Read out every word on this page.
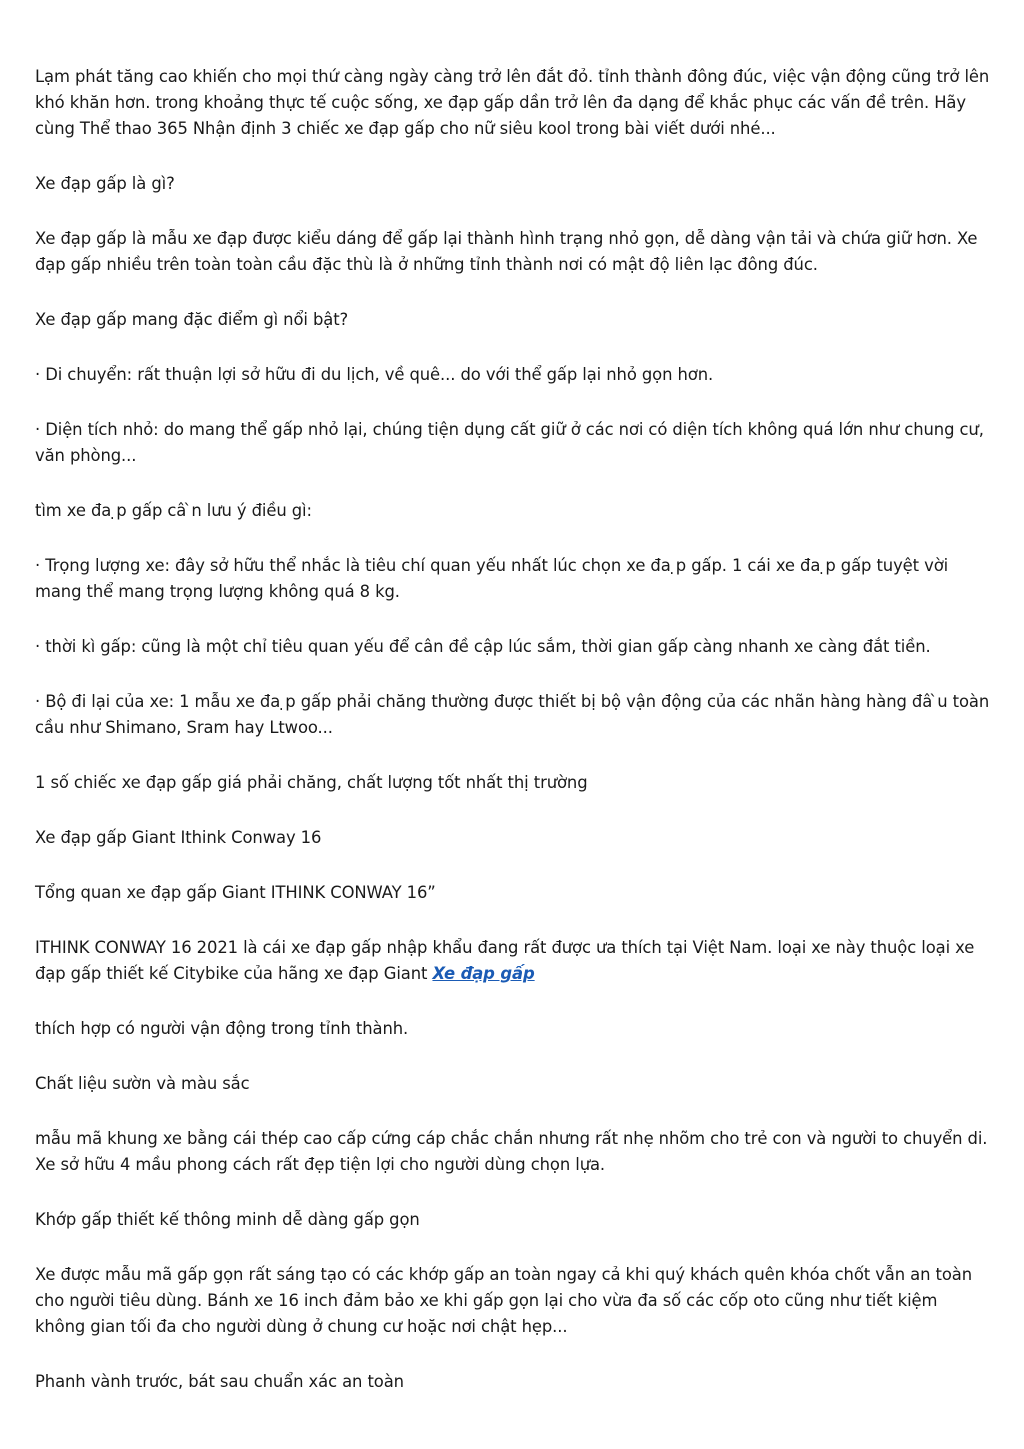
Lạm phát tăng cao khiến cho mọi thứ càng ngày càng trở lên đắt đỏ. tỉnh thành đông đúc, việc vận động cũng trở lên khó khăn hơn. trong khoảng thực tế cuộc sống, xe đạp gấp dần trở lên đa dạng để khắc phục các vấn đề trên. Hãy cùng Thể thao 365 Nhận định 3 chiếc xe đạp gấp cho nữ siêu kool trong bài viết dưới nhé...

Xe đạp gấp là gì?

Xe đạp gấp là mẫu xe đạp được kiểu dáng để gấp lại thành hình trạng nhỏ gọn, dễ dàng vận tải và chứa giữ hơn. Xe đạp gấp nhiều trên toàn toàn cầu đặc thù là ở những tỉnh thành nơi có mật độ liên lạc đông đúc.

Xe đạp gấp mang đặc điểm gì nổi bật?

· Di chuyển: rất thuận lợi sở hữu đi du lịch, về quê... do với thể gấp lại nhỏ gọn hơn.

· Diện tích nhỏ: do mang thể gấp nhỏ lại, chúng tiện dụng cất giữ ở các nơi có diện tích không quá lớn như chung cư, văn phòng...

tìm xe đa ̣p gấp câ ̀n lưu ý điều gì:

· Trọng lượng xe: đây sở hữu thể nhắc là tiêu chí quan yếu nhất lúc chọn xe đa ̣p gấp. 1 cái xe đa ̣p gấp tuyệt vời mang thể mang trọng lượng không quá 8 kg.

· thời kì gấp: cũng là một chỉ tiêu quan yếu để cân đề cập lúc sắm, thời gian gấp càng nhanh xe càng đắt tiền.

· Bộ đi lại của xe: 1 mẫu xe đa ̣p gấp phải chăng thường được thiết bị bộ vận động của các nhãn hàng hàng đâ ̀u toàn cầu như Shimano, Sram hay Ltwoo...

1 số chiếc xe đạp gấp giá phải chăng, chất lượng tốt nhất thị trường

Xe đạp gấp Giant Ithink Conway 16

Tổng quan xe đạp gấp Giant ITHINK CONWAY 16”

ITHINK CONWAY 16 2021 là cái xe đạp gấp nhập khẩu đang rất được ưa thích tại Việt Nam. loại xe này thuộc loại xe đạp gấp thiết kế Citybike của hãng xe đạp Giant Xe đạp gấp

thích hợp có người vận động trong tỉnh thành.

Chất liệu sườn và màu sắc

mẫu mã khung xe bằng cái thép cao cấp cứng cáp chắc chắn nhưng rất nhẹ nhõm cho trẻ con và người to chuyển di. Xe sở hữu 4 mầu phong cách rất đẹp tiện lợi cho người dùng chọn lựa.

Khớp gấp thiết kế thông minh dễ dàng gấp gọn

Xe được mẫu mã gấp gọn rất sáng tạo có các khớp gấp an toàn ngay cả khi quý khách quên khóa chốt vẫn an toàn cho người tiêu dùng. Bánh xe 16 inch đảm bảo xe khi gấp gọn lại cho vừa đa số các cốp oto cũng như tiết kiệm không gian tối đa cho người dùng ở chung cư hoặc nơi chật hẹp...

Phanh vành trước, bát sau chuẩn xác an toàn
